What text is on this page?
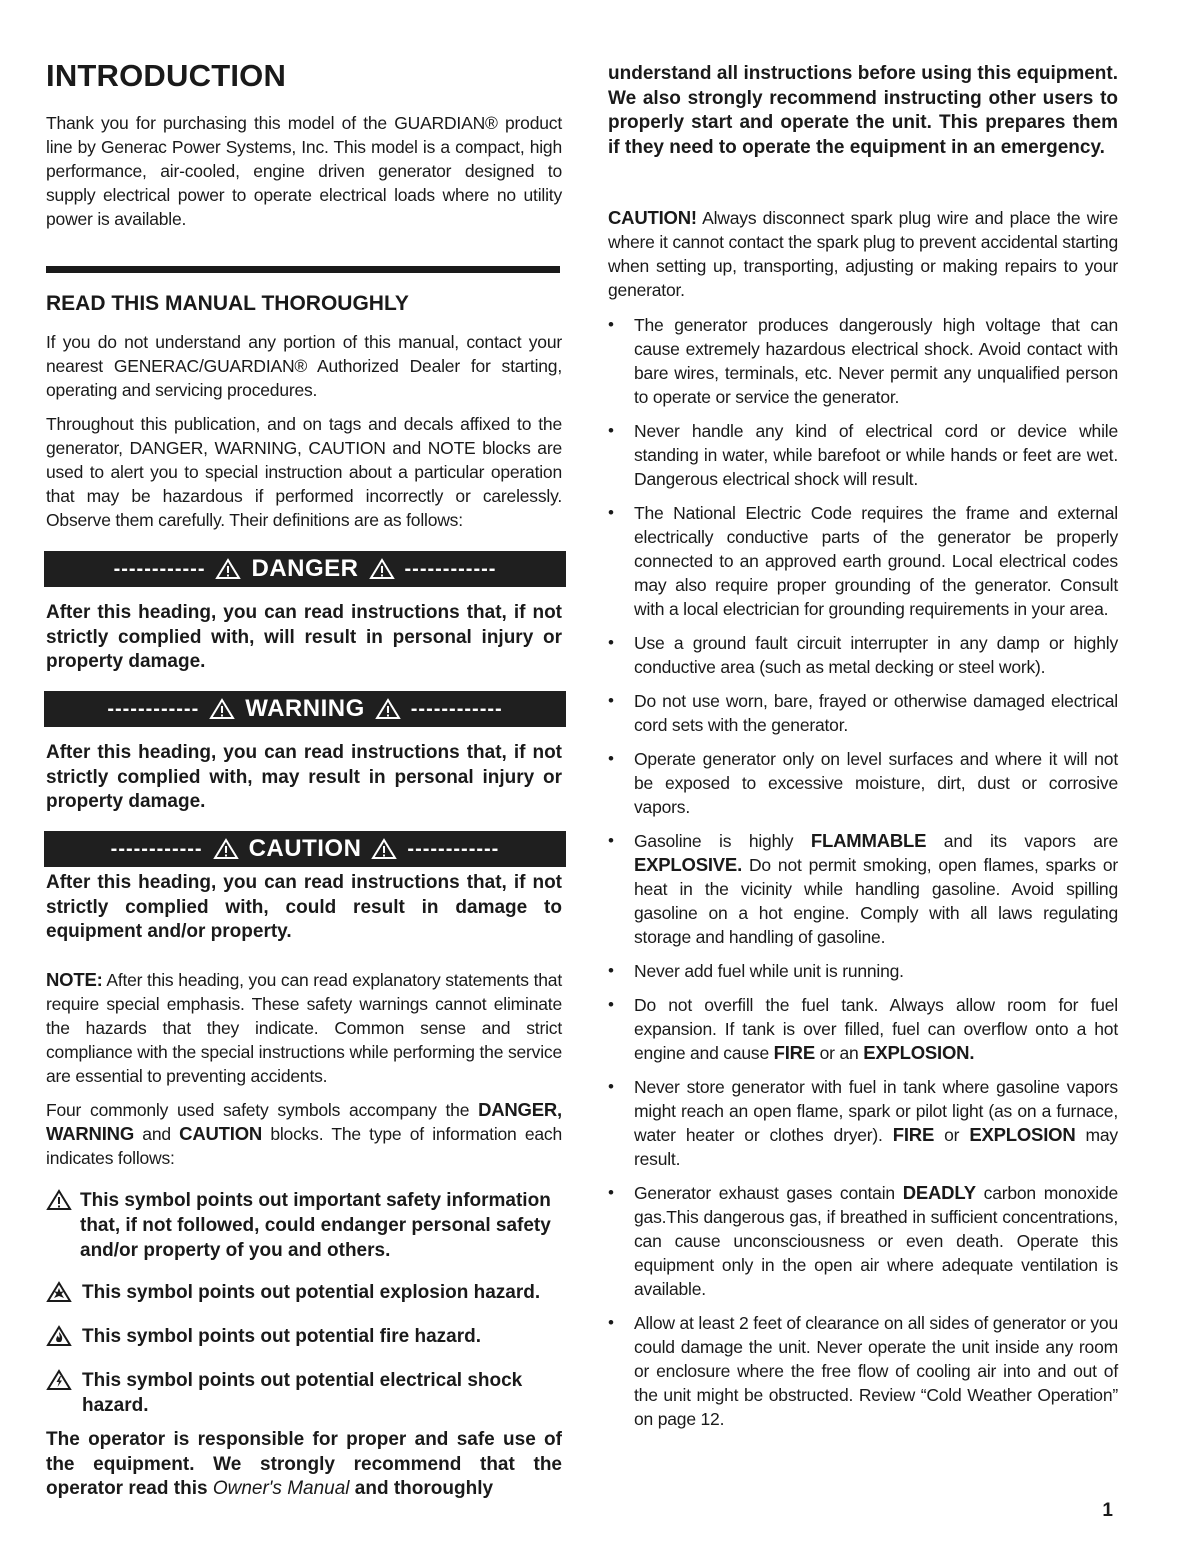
INTRODUCTION

Thank you for purchasing this model of the GUARDIAN® product line by Generac Power Systems, Inc. This model is a compact, high performance, air-cooled, engine driven generator designed to supply electrical power to operate electrical loads where no utility power is available.

READ THIS MANUAL THOROUGHLY

If you do not understand any portion of this manual, contact your nearest GENERAC/GUARDIAN® Authorized Dealer for starting, operating and servicing procedures.

Throughout this publication, and on tags and decals affixed to the generator, DANGER, WARNING, CAUTION and NOTE blocks are used to alert you to special instruction about a particular operation that may be hazardous if performed incorrectly or carelessly. Observe them carefully. Their definitions are as follows:

------------ DANGER ------------

After this heading, you can read instructions that, if not strictly complied with, will result in personal injury or property damage.

------------ WARNING ------------

After this heading, you can read instructions that, if not strictly complied with, may result in personal injury or property damage.

------------ CAUTION ------------

After this heading, you can read instructions that, if not strictly complied with, could result in damage to equipment and/or property.

NOTE: After this heading, you can read explanatory statements that require special emphasis. These safety warnings cannot eliminate the hazards that they indicate. Common sense and strict compliance with the special instructions while performing the service are essential to preventing accidents.

Four commonly used safety symbols accompany the DANGER, WARNING and CAUTION blocks. The type of information each indicates follows:

This symbol points out important safety information that, if not followed, could endanger personal safety and/or property of you and others.
This symbol points out potential explosion hazard.
This symbol points out potential fire hazard.
This symbol points out potential electrical shock hazard.

The operator is responsible for proper and safe use of the equipment. We strongly recommend that the operator read this Owner's Manual and thoroughly

understand all instructions before using this equipment. We also strongly recommend instructing other users to properly start and operate the unit. This prepares them if they need to operate the equipment in an emergency.

CAUTION! Always disconnect spark plug wire and place the wire where it cannot contact the spark plug to prevent accidental starting when setting up, transporting, adjusting or making repairs to your generator.

• The generator produces dangerously high voltage that can cause extremely hazardous electrical shock. Avoid contact with bare wires, terminals, etc. Never permit any unqualified person to operate or service the generator.
• Never handle any kind of electrical cord or device while standing in water, while barefoot or while hands or feet are wet. Dangerous electrical shock will result.
• The National Electric Code requires the frame and external electrically conductive parts of the generator be properly connected to an approved earth ground. Local electrical codes may also require proper grounding of the generator. Consult with a local electrician for grounding requirements in your area.
• Use a ground fault circuit interrupter in any damp or highly conductive area (such as metal decking or steel work).
• Do not use worn, bare, frayed or otherwise damaged electrical cord sets with the generator.
• Operate generator only on level surfaces and where it will not be exposed to excessive moisture, dirt, dust or corrosive vapors.
• Gasoline is highly FLAMMABLE and its vapors are EXPLOSIVE. Do not permit smoking, open flames, sparks or heat in the vicinity while handling gasoline. Avoid spilling gasoline on a hot engine. Comply with all laws regulating storage and handling of gasoline.
• Never add fuel while unit is running.
• Do not overfill the fuel tank. Always allow room for fuel expansion. If tank is over filled, fuel can overflow onto a hot engine and cause FIRE or an EXPLOSION.
• Never store generator with fuel in tank where gasoline vapors might reach an open flame, spark or pilot light (as on a furnace, water heater or clothes dryer). FIRE or EXPLOSION may result.
• Generator exhaust gases contain DEADLY carbon monoxide gas.This dangerous gas, if breathed in sufficient concentrations, can cause unconsciousness or even death. Operate this equipment only in the open air where adequate ventilation is available.
• Allow at least 2 feet of clearance on all sides of generator or you could damage the unit. Never operate the unit inside any room or enclosure where the free flow of cooling air into and out of the unit might be obstructed. Review “Cold Weather Operation” on page 12.
1
